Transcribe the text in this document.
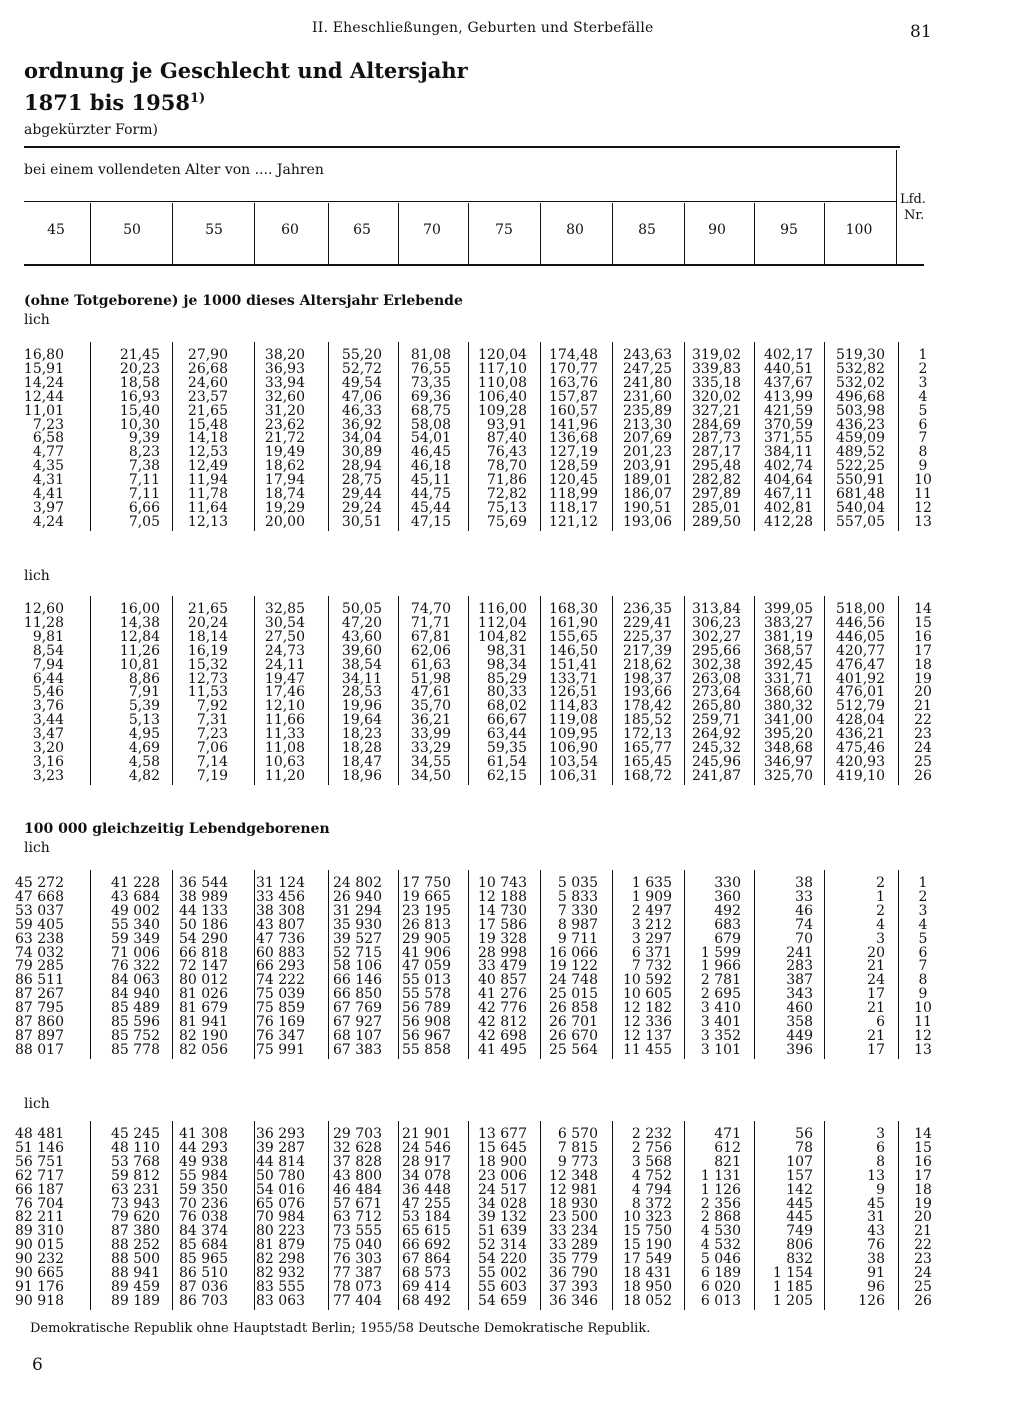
II. Eheschließungen, Geburten und Sterbefälle	81
ordnung je Geschlecht und Altersjahr
1871 bis 1958$^{1)}$
abgekürzter Form)
bei einem vollendeten Alter von .... Jahren
Lfd.
Nr.
45	50	55	60	65	70	75	80	85	90	95	100
(ohne Totgeborene) je 1000 dieses Altersjahr Erlebende
lich
16,80	21,45	27,90	38,20	55,20	81,08	120,04	174,48	243,63	319,02	402,17	519,30	1
15,91	20,23	26,68	36,93	52,72	76,55	117,10	170,77	247,25	339,83	440,51	532,82	2
14,24	18,58	24,60	33,94	49,54	73,35	110,08	163,76	241,80	335,18	437,67	532,02	3
12,44	16,93	23,57	32,60	47,06	69,36	106,40	157,87	231,60	320,02	413,99	496,68	4
11,01	15,40	21,65	31,20	46,33	68,75	109,28	160,57	235,89	327,21	421,59	503,98	5
7,23	10,30	15,48	23,62	36,92	58,08	93,91	141,96	213,30	284,69	370,59	436,23	6
6,58	9,39	14,18	21,72	34,04	54,01	87,40	136,68	207,69	287,73	371,55	459,09	7
4,77	8,23	12,53	19,49	30,89	46,45	76,43	127,19	201,23	287,17	384,11	489,52	8
4,35	7,38	12,49	18,62	28,94	46,18	78,70	128,59	203,91	295,48	402,74	522,25	9
4,31	7,11	11,94	17,94	28,75	45,11	71,86	120,45	189,01	282,82	404,64	550,91	10
4,41	7,11	11,78	18,74	29,44	44,75	72,82	118,99	186,07	297,89	467,11	681,48	11
3,97	6,66	11,64	19,29	29,24	45,44	75,13	118,17	190,51	285,01	402,81	540,04	12
4,24	7,05	12,13	20,00	30,51	47,15	75,69	121,12	193,06	289,50	412,28	557,05	13
lich
12,60	16,00	21,65	32,85	50,05	74,70	116,00	168,30	236,35	313,84	399,05	518,00	14
11,28	14,38	20,24	30,54	47,20	71,71	112,04	161,90	229,41	306,23	383,27	446,56	15
9,81	12,84	18,14	27,50	43,60	67,81	104,82	155,65	225,37	302,27	381,19	446,05	16
8,54	11,26	16,19	24,73	39,60	62,06	98,31	146,50	217,39	295,66	368,57	420,77	17
7,94	10,81	15,32	24,11	38,54	61,63	98,34	151,41	218,62	302,38	392,45	476,47	18
6,44	8,86	12,73	19,47	34,11	51,98	85,29	133,71	198,37	263,08	331,71	401,92	19
5,46	7,91	11,53	17,46	28,53	47,61	80,33	126,51	193,66	273,64	368,60	476,01	20
3,76	5,39	7,92	12,10	19,96	35,70	68,02	114,83	178,42	265,80	380,32	512,79	21
3,44	5,13	7,31	11,66	19,64	36,21	66,67	119,08	185,52	259,71	341,00	428,04	22
3,47	4,95	7,23	11,33	18,23	33,99	63,44	109,95	172,13	264,92	395,20	436,21	23
3,20	4,69	7,06	11,08	18,28	33,29	59,35	106,90	165,77	245,32	348,68	475,46	24
3,16	4,58	7,14	10,63	18,47	34,55	61,54	103,54	165,45	245,96	346,97	420,93	25
3,23	4,82	7,19	11,20	18,96	34,50	62,15	106,31	168,72	241,87	325,70	419,10	26
100 000 gleichzeitig Lebendgeborenen
lich
45 272	41 228	36 544	31 124	24 802	17 750	10 743	5 035	1 635	330	38	2	1
47 668	43 684	38 989	33 456	26 940	19 665	12 188	5 833	1 909	360	33	1	2
53 037	49 002	44 133	38 308	31 294	23 195	14 730	7 330	2 497	492	46	2	3
59 405	55 340	50 186	43 807	35 930	26 813	17 586	8 987	3 212	683	74	4	4
63 238	59 349	54 290	47 736	39 527	29 905	19 328	9 711	3 297	679	70	3	5
74 032	71 006	66 818	60 883	52 715	41 906	28 998	16 066	6 371	1 599	241	20	6
79 285	76 322	72 147	66 293	58 106	47 059	33 479	19 122	7 732	1 966	283	21	7
86 511	84 063	80 012	74 222	66 146	55 013	40 857	24 748	10 592	2 781	387	24	8
87 267	84 940	81 026	75 039	66 850	55 578	41 276	25 015	10 605	2 695	343	17	9
87 795	85 489	81 679	75 859	67 769	56 789	42 776	26 858	12 182	3 410	460	21	10
87 860	85 596	81 941	76 169	67 927	56 908	42 812	26 701	12 336	3 401	358	6	11
87 897	85 752	82 190	76 347	68 107	56 967	42 698	26 670	12 137	3 352	449	21	12
88 017	85 778	82 056	75 991	67 383	55 858	41 495	25 564	11 455	3 101	396	17	13
lich
48 481	45 245	41 308	36 293	29 703	21 901	13 677	6 570	2 232	471	56	3	14
51 146	48 110	44 293	39 287	32 628	24 546	15 645	7 815	2 756	612	78	6	15
56 751	53 768	49 938	44 814	37 828	28 917	18 900	9 773	3 568	821	107	8	16
62 717	59 812	55 984	50 780	43 800	34 078	23 006	12 348	4 752	1 131	157	13	17
66 187	63 231	59 350	54 016	46 484	36 448	24 517	12 981	4 794	1 126	142	9	18
76 704	73 943	70 236	65 076	57 671	47 255	34 028	18 930	8 372	2 356	445	45	19
82 211	79 620	76 038	70 984	63 712	53 184	39 132	23 500	10 323	2 868	445	31	20
89 310	87 380	84 374	80 223	73 555	65 615	51 639	33 234	15 750	4 530	749	43	21
90 015	88 252	85 684	81 879	75 040	66 692	52 314	33 289	15 190	4 532	806	76	22
90 232	88 500	85 965	82 298	76 303	67 864	54 220	35 779	17 549	5 046	832	38	23
90 665	88 941	86 510	82 932	77 387	68 573	55 002	36 790	18 431	6 189	1 154	91	24
91 176	89 459	87 036	83 555	78 073	69 414	55 603	37 393	18 950	6 020	1 185	96	25
90 918	89 189	86 703	83 063	77 404	68 492	54 659	36 346	18 052	6 013	1 205	126	26
Demokratische Republik ohne Hauptstadt Berlin; 1955/58 Deutsche Demokratische Republik.
6
